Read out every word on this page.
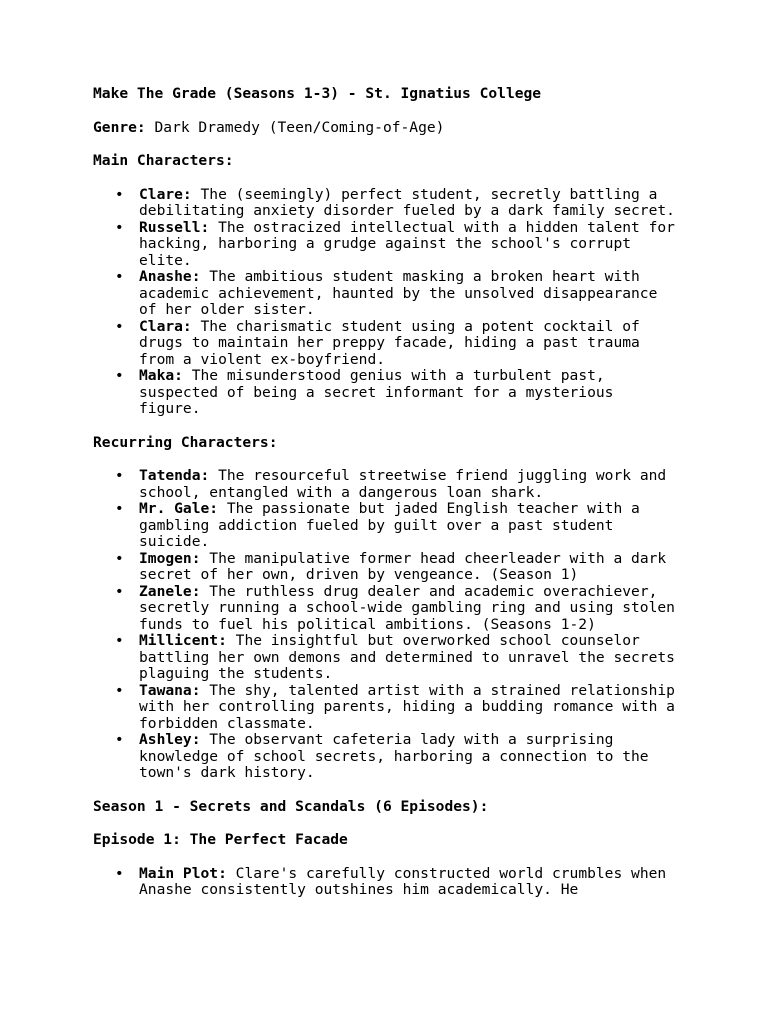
Make The Grade (Seasons 1-3) - St. Ignatius College

Genre: Dark Dramedy (Teen/Coming-of-Age)

Main Characters:

• Clare: The (seemingly) perfect student, secretly battling a debilitating anxiety disorder fueled by a dark family secret.
• Russell: The ostracized intellectual with a hidden talent for hacking, harboring a grudge against the school's corrupt elite.
• Anashe: The ambitious student masking a broken heart with academic achievement, haunted by the unsolved disappearance of her older sister.
• Clara: The charismatic student using a potent cocktail of drugs to maintain her preppy facade, hiding a past trauma from a violent ex-boyfriend.
• Maka: The misunderstood genius with a turbulent past, suspected of being a secret informant for a mysterious figure.

Recurring Characters:

• Tatenda: The resourceful streetwise friend juggling work and school, entangled with a dangerous loan shark.
• Mr. Gale: The passionate but jaded English teacher with a gambling addiction fueled by guilt over a past student suicide.
• Imogen: The manipulative former head cheerleader with a dark secret of her own, driven by vengeance. (Season 1)
• Zanele: The ruthless drug dealer and academic overachiever, secretly running a school-wide gambling ring and using stolen funds to fuel his political ambitions. (Seasons 1-2)
• Millicent: The insightful but overworked school counselor battling her own demons and determined to unravel the secrets plaguing the students.
• Tawana: The shy, talented artist with a strained relationship with her controlling parents, hiding a budding romance with a forbidden classmate.
• Ashley: The observant cafeteria lady with a surprising knowledge of school secrets, harboring a connection to the town's dark history.

Season 1 - Secrets and Scandals (6 Episodes):

Episode 1: The Perfect Facade

• Main Plot: Clare's carefully constructed world crumbles when Anashe consistently outshines him academically. He
